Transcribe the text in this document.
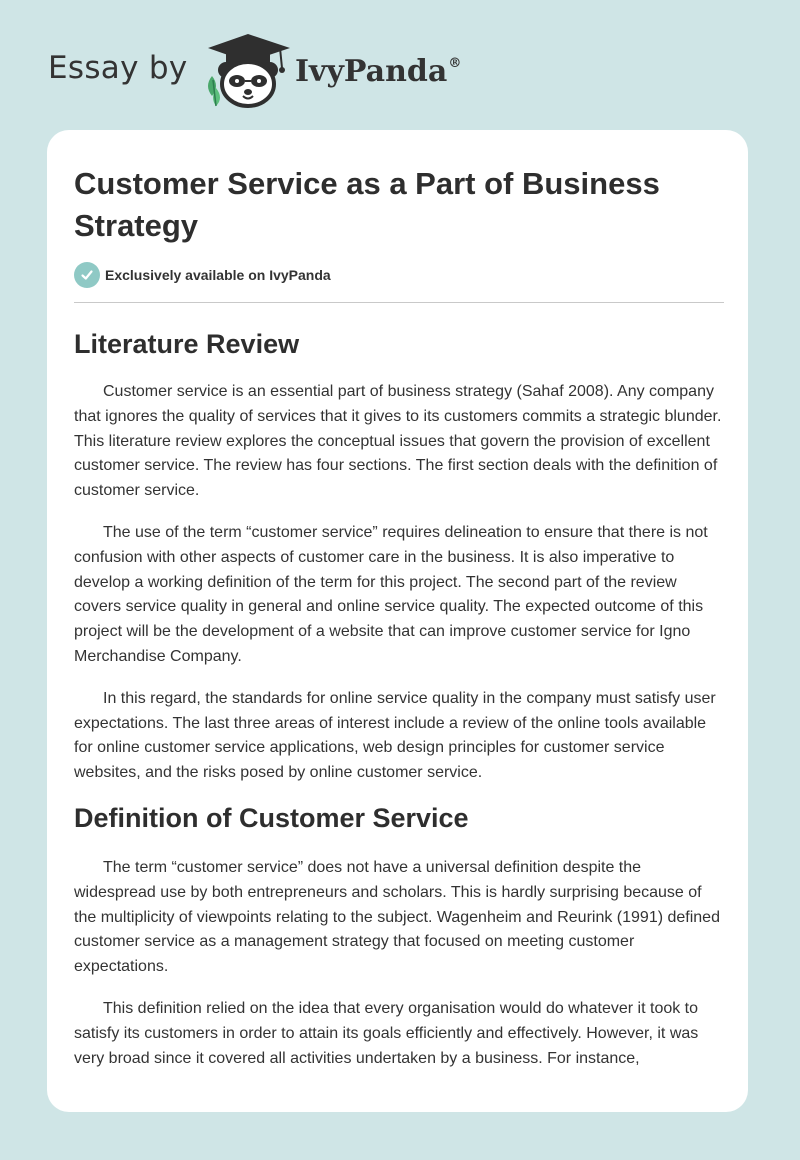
Essay by	IvyPanda®
Customer Service as a Part of Business Strategy
Exclusively available on IvyPanda
Literature Review

Customer service is an essential part of business strategy (Sahaf 2008). Any company that ignores the quality of services that it gives to its customers commits a strategic blunder. This literature review explores the conceptual issues that govern the provision of excellent customer service. The review has four sections. The first section deals with the definition of customer service.

The use of the term “customer service” requires delineation to ensure that there is not confusion with other aspects of customer care in the business. It is also imperative to develop a working definition of the term for this project. The second part of the review covers service quality in general and online service quality. The expected outcome of this project will be the development of a website that can improve customer service for Igno Merchandise Company.

In this regard, the standards for online service quality in the company must satisfy user expectations. The last three areas of interest include a review of the online tools available for online customer service applications, web design principles for customer service websites, and the risks posed by online customer service.

Definition of Customer Service

The term “customer service” does not have a universal definition despite the widespread use by both entrepreneurs and scholars. This is hardly surprising because of the multiplicity of viewpoints relating to the subject. Wagenheim and Reurink (1991) defined customer service as a management strategy that focused on meeting customer expectations.

This definition relied on the idea that every organisation would do whatever it took to satisfy its customers in order to attain its goals efficiently and effectively. However, it was very broad since it covered all activities undertaken by a business. For instance,
